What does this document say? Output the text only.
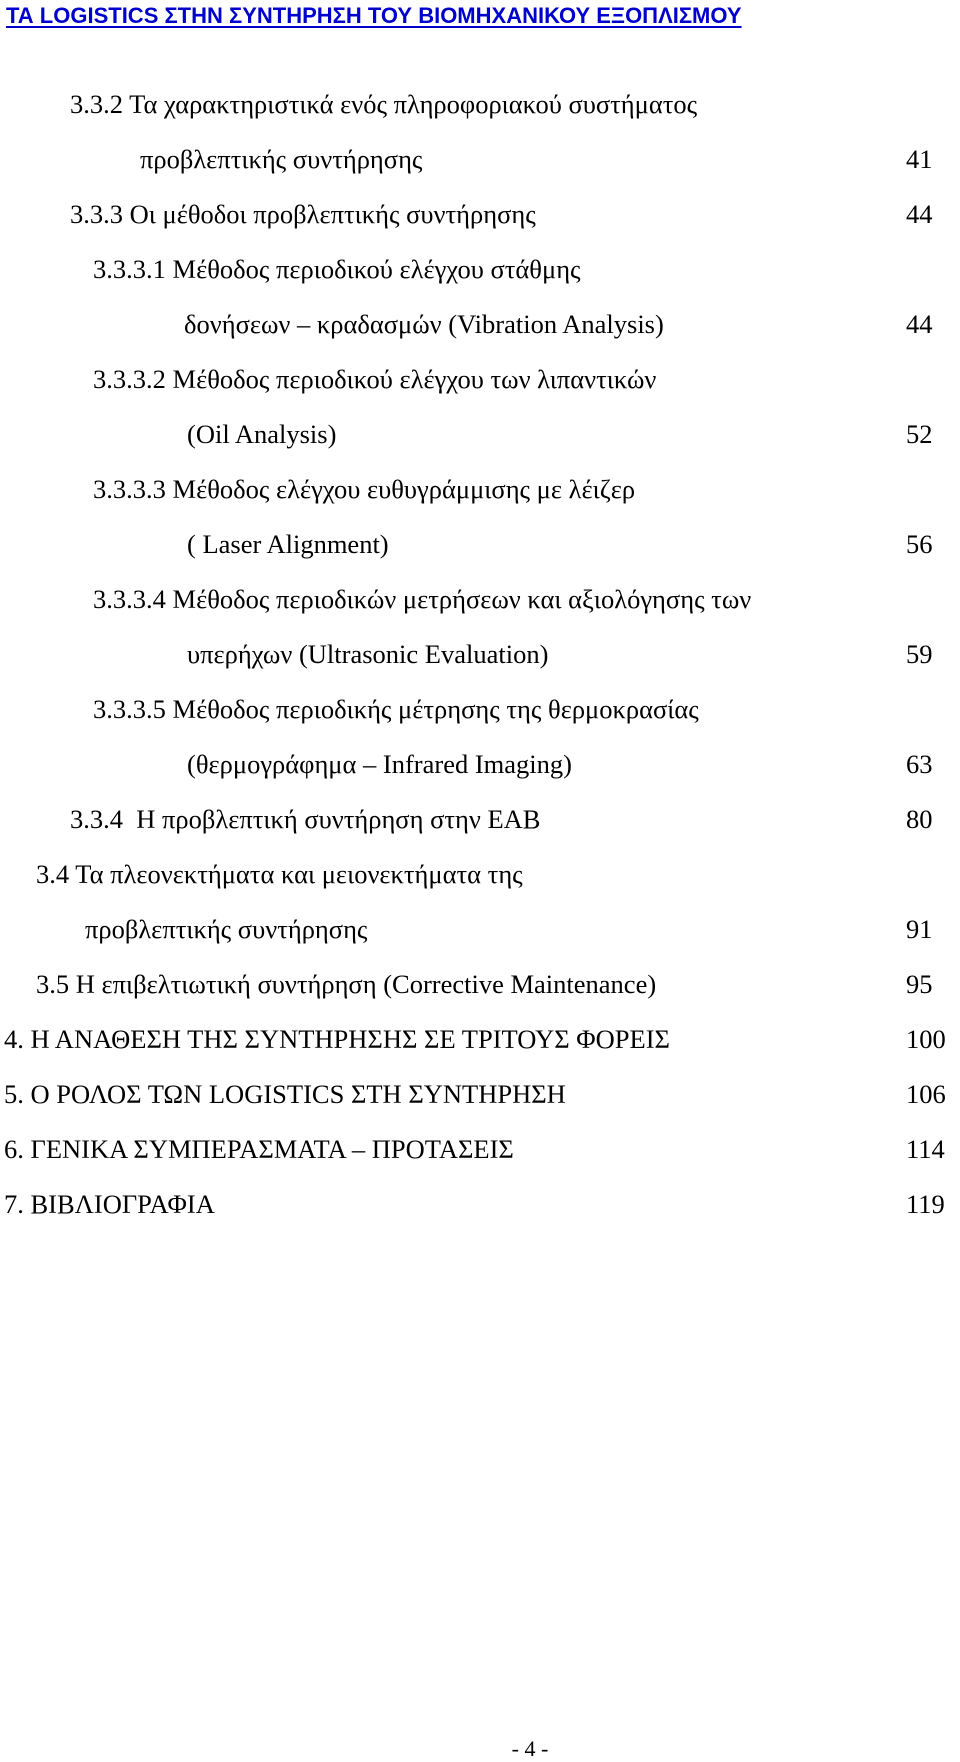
ΤΑ LOGISTICS ΣΤΗΝ ΣΥΝΤΗΡΗΣΗ ΤΟΥ ΒΙΟΜΗΧΑΝΙΚΟΥ ΕΞΟΠΛΙΣΜΟΥ
3.3.2 Τα χαρακτηριστικά ενός πληροφοριακού συστήματος
προβλεπτικής συντήρησης	41
3.3.3 Οι μέθοδοι προβλεπτικής συντήρησης	44
3.3.3.1 Μέθοδος περιοδικού ελέγχου στάθμης
δονήσεων – κραδασμών (Vibration Analysis)	44
3.3.3.2 Μέθοδος περιοδικού ελέγχου των λιπαντικών
(Oil Analysis)	52
3.3.3.3 Μέθοδος ελέγχου ευθυγράμμισης με λέιζερ
( Laser Alignment)	56
3.3.3.4 Μέθοδος περιοδικών μετρήσεων και αξιολόγησης των
υπερήχων (Ultrasonic Evaluation)	59
3.3.3.5 Μέθοδος περιοδικής μέτρησης της θερμοκρασίας
(θερμογράφημα – Infrared Imaging)	63
3.3.4  Η προβλεπτική συντήρηση στην ΕΑΒ	80
3.4 Τα πλεονεκτήματα και μειονεκτήματα της
προβλεπτικής συντήρησης	91
3.5 Η επιβελτιωτική συντήρηση (Corrective Maintenance)	95
4. Η ΑΝΑΘΕΣΗ ΤΗΣ ΣΥΝΤΗΡΗΣΗΣ ΣΕ ΤΡΙΤΟΥΣ ΦΟΡΕΙΣ	100
5. Ο ΡΟΛΟΣ ΤΩΝ LOGISTICS ΣΤΗ ΣΥΝΤΗΡΗΣΗ	106
6. ΓΕΝΙΚΑ ΣΥΜΠΕΡΑΣΜΑΤΑ – ΠΡΟΤΑΣΕΙΣ	114
7. ΒΙΒΛΙΟΓΡΑΦΙΑ	119
- 4 -
